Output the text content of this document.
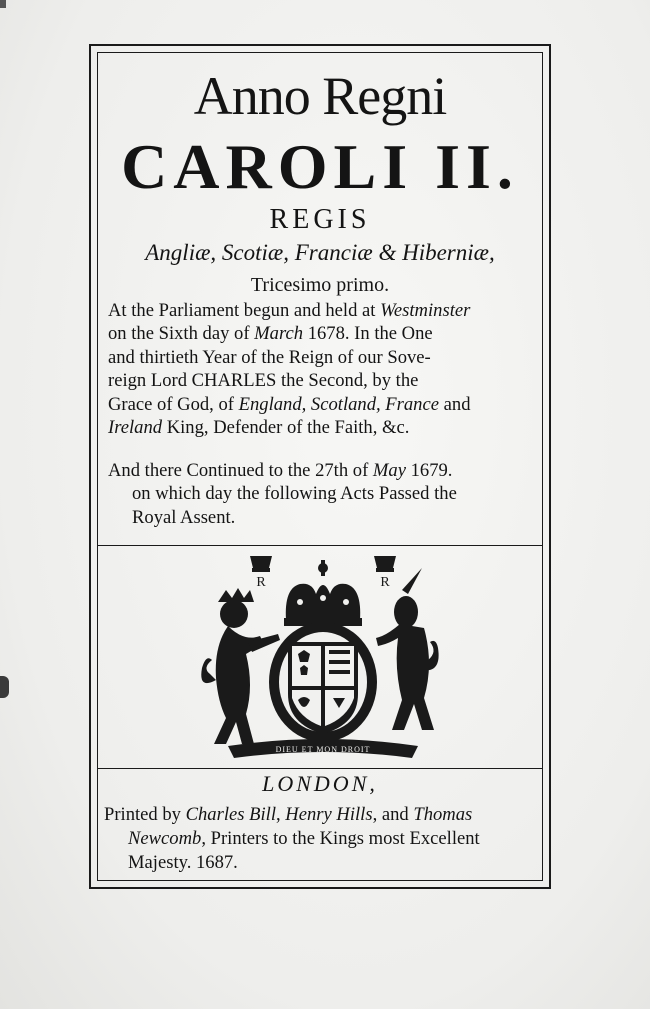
Anno Regni
CAROLI II.
REGIS
Angliæ, Scotiæ, Franciæ & Hiberniæ,
Tricesimo primo.
At the Parliament begun and held at Westminster
on the Sixth day of March 1678. In the One
and thirtieth Year of the Reign of our Sove-
reign Lord CHARLES the Second, by the
Grace of God, of England, Scotland, France and
Ireland King, Defender of the Faith, &c.
And there Continued to the 27th of May 1679.
on which day the following Acts Passed the
Royal Assent.
R	R
DIEU ET MON DROIT
LONDON,
Printed by Charles Bill, Henry Hills, and Thomas
Newcomb, Printers to the Kings most Excellent
Majesty. 1687.
